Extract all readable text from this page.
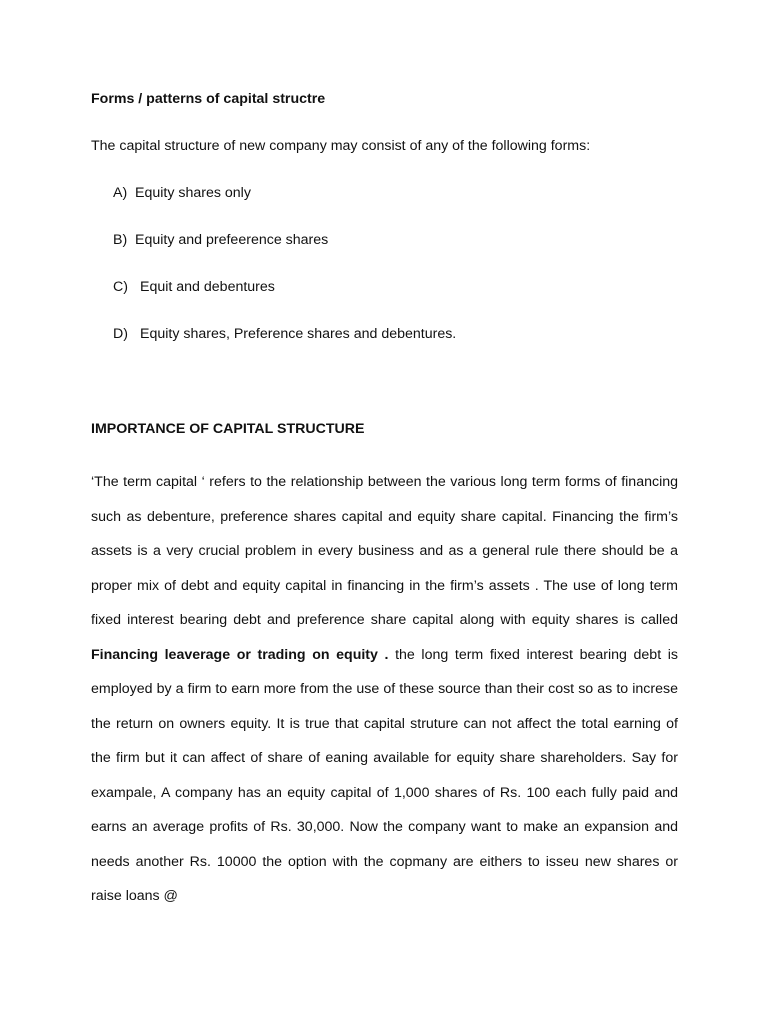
Forms / patterns of capital structre
The capital structure of new company may consist of any of the following forms:
A) Equity shares only
B) Equity and prefeerence shares
C) Equit and debentures
D) Equity shares, Preference shares and debentures.
IMPORTANCE OF CAPITAL STRUCTURE

‘The term capital ‘ refers to the relationship between the various long term forms of financing such as debenture, preference shares capital and equity share capital. Financing the firm’s assets is a very crucial problem in every business and as a general rule there should be a proper mix of debt and equity capital in financing in the firm’s assets . The use of long term fixed interest bearing debt and preference share capital along with equity shares is called Financing leaverage or trading on equity . the long term fixed interest bearing debt is employed by a firm to earn more from the use of these source than their cost so as to increse the return on owners equity. It is true that capital struture can not affect the total earning of the firm but it can affect of share of eaning available for equity share shareholders. Say for exampale, A company has an equity capital of 1,000 shares of Rs. 100 each fully paid and earns an average profits of Rs. 30,000. Now the company want to make an expansion and needs another Rs. 10000 the option with the copmany are eithers to isseu new shares or raise loans @
